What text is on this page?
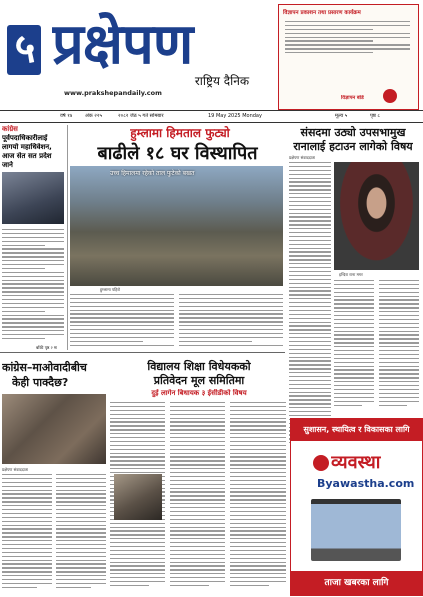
५ प्रक्षेपण
राष्ट्रिय दैनिक
www.prakshepandaily.com
विज्ञापन प्रकाशन तथा प्रसारण कार्यक्रम
विज्ञापन बोर्ड
वर्ष १४	अंक २२५	२०८२ जेठ ५ गते सोमबार	19 May 2025 Monday	मूल्य ५	पृष्ठ ८
कांग्रेस
पूर्वपदाधिकारीलाई
लागयो महाधिवेशन,
आज सेत सत प्रदेश
जाने
बाँकी पृष्ठ २ मा
हुम्लामा हिमताल फुट्यो
बाढीले १८ घर विस्थापित
उच्च हिमालमा रहेको ताल फुटेको बखत
हुम्लामा पहिरो
संसदमा उठ्यो उपसभामुख
रानालाई हटाउन लागेको विषय
प्रक्षेपण संवाददाता
इन्दिरा राना मगर
कांग्रेस–माओवादीबीच
केही पाक्दैछ?
प्रक्षेपण संवाददाता
विद्यालय शिक्षा विधेयकको
प्रतिवेदन मूल समितिमा
दुई लागेन बिधायक ३ ईसीडीको विषय
सुशासन, स्थायित्व र विकासका लागि
व्यवस्था
Byawastha.com
ताजा खबरका लागि
